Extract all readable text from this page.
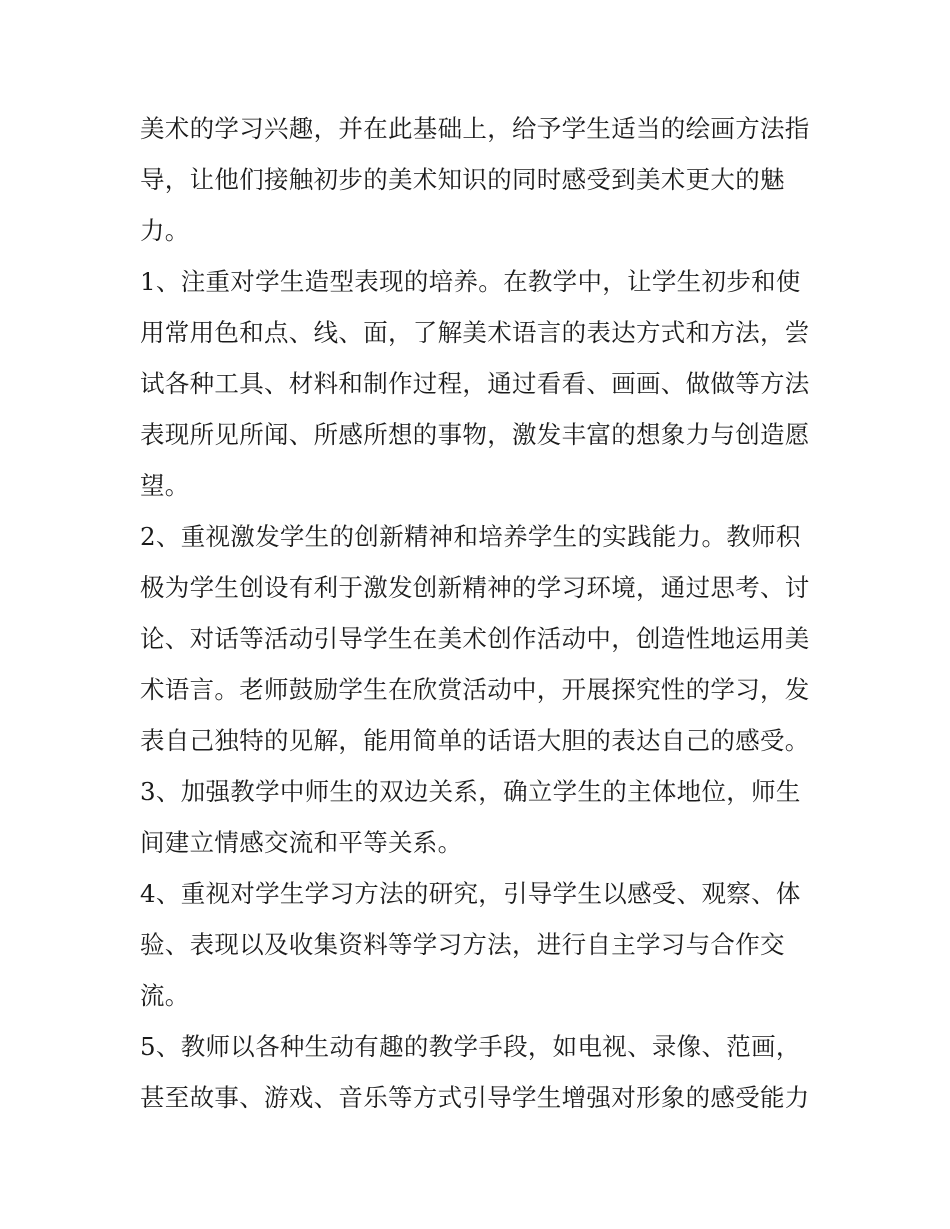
美术的学习兴趣，并在此基础上，给予学生适当的绘画方法指
导，让他们接触初步的美术知识的同时感受到美术更大的魅
力。
1、注重对学生造型表现的培养。在教学中，让学生初步和使
用常用色和点、线、面，了解美术语言的表达方式和方法，尝
试各种工具、材料和制作过程，通过看看、画画、做做等方法
表现所见所闻、所感所想的事物，激发丰富的想象力与创造愿
望。
2、重视激发学生的创新精神和培养学生的实践能力。教师积
极为学生创设有利于激发创新精神的学习环境，通过思考、讨
论、对话等活动引导学生在美术创作活动中，创造性地运用美
术语言。老师鼓励学生在欣赏活动中，开展探究性的学习，发
表自己独特的见解，能用简单的话语大胆的表达自己的感受。
3、加强教学中师生的双边关系，确立学生的主体地位，师生
间建立情感交流和平等关系。
4、重视对学生学习方法的研究，引导学生以感受、观察、体
验、表现以及收集资料等学习方法，进行自主学习与合作交
流。
5、教师以各种生动有趣的教学手段，如电视、录像、范画，
甚至故事、游戏、音乐等方式引导学生增强对形象的感受能力
